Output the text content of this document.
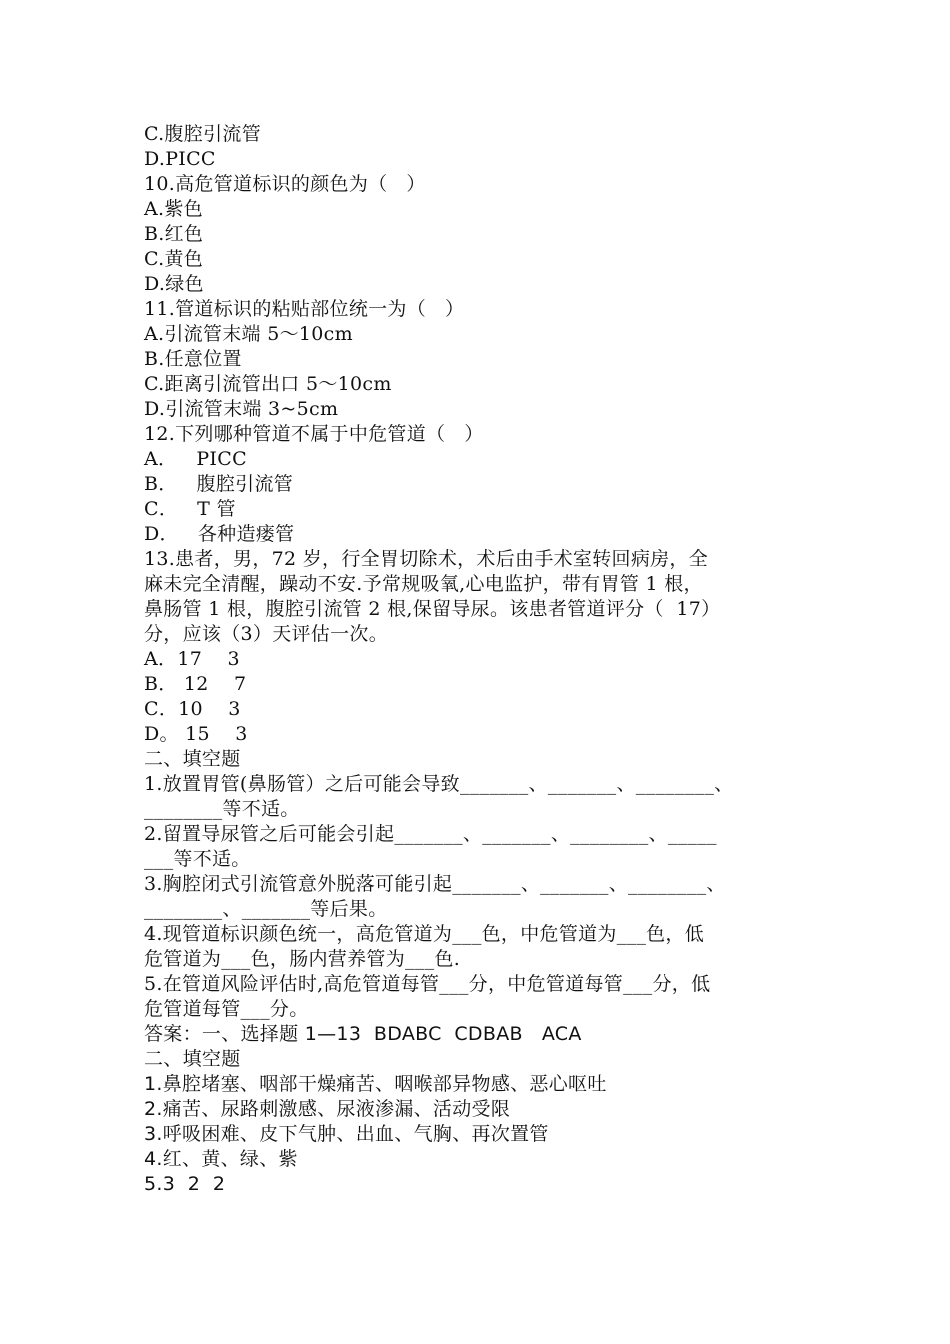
C.腹腔引流管
D.PICC
10.高危管道标识的颜色为（   ）
A.紫色
B.红色
C.黄色
D.绿色
11.管道标识的粘贴部位统一为（   ）
A.引流管末端 5～10cm
B.任意位置
C.距离引流管出口 5～10cm
D.引流管末端 3~5cm
12.下列哪种管道不属于中危管道（   ）
A．   PICC
B．   腹腔引流管
C．   T 管
D．   各种造瘘管
13.患者，男，72 岁，行全胃切除术，术后由手术室转回病房，全
麻未完全清醒，躁动不安.予常规吸氧,心电监护，带有胃管 1 根，
鼻肠管 1 根，腹腔引流管 2 根,保留导尿。该患者管道评分（  17）
分，应该（3）天评估一次。
A．17    3
B． 12    7
C．10    3
D。 15    3
二、填空题
1.放置胃管(鼻肠管）之后可能会导致_______、_______、________、
________等不适。
2.留置导尿管之后可能会引起_______、_______、________、_____
___等不适。
3.胸腔闭式引流管意外脱落可能引起_______、_______、________、
________、_______等后果。
4.现管道标识颜色统一，高危管道为___色，中危管道为___色，低
危管道为___色，肠内营养管为___色.
5.在管道风险评估时,高危管道每管___分，中危管道每管___分，低
危管道每管___分。
答案：一、选择题 1—13  BDABC  CDBAB   ACA
二、填空题
1.鼻腔堵塞、咽部干燥痛苦、咽喉部异物感、恶心呕吐
2.痛苦、尿路刺激感、尿液渗漏、活动受限
3.呼吸困难、皮下气肿、出血、气胸、再次置管
4.红、黄、绿、紫
5.3  2  2
